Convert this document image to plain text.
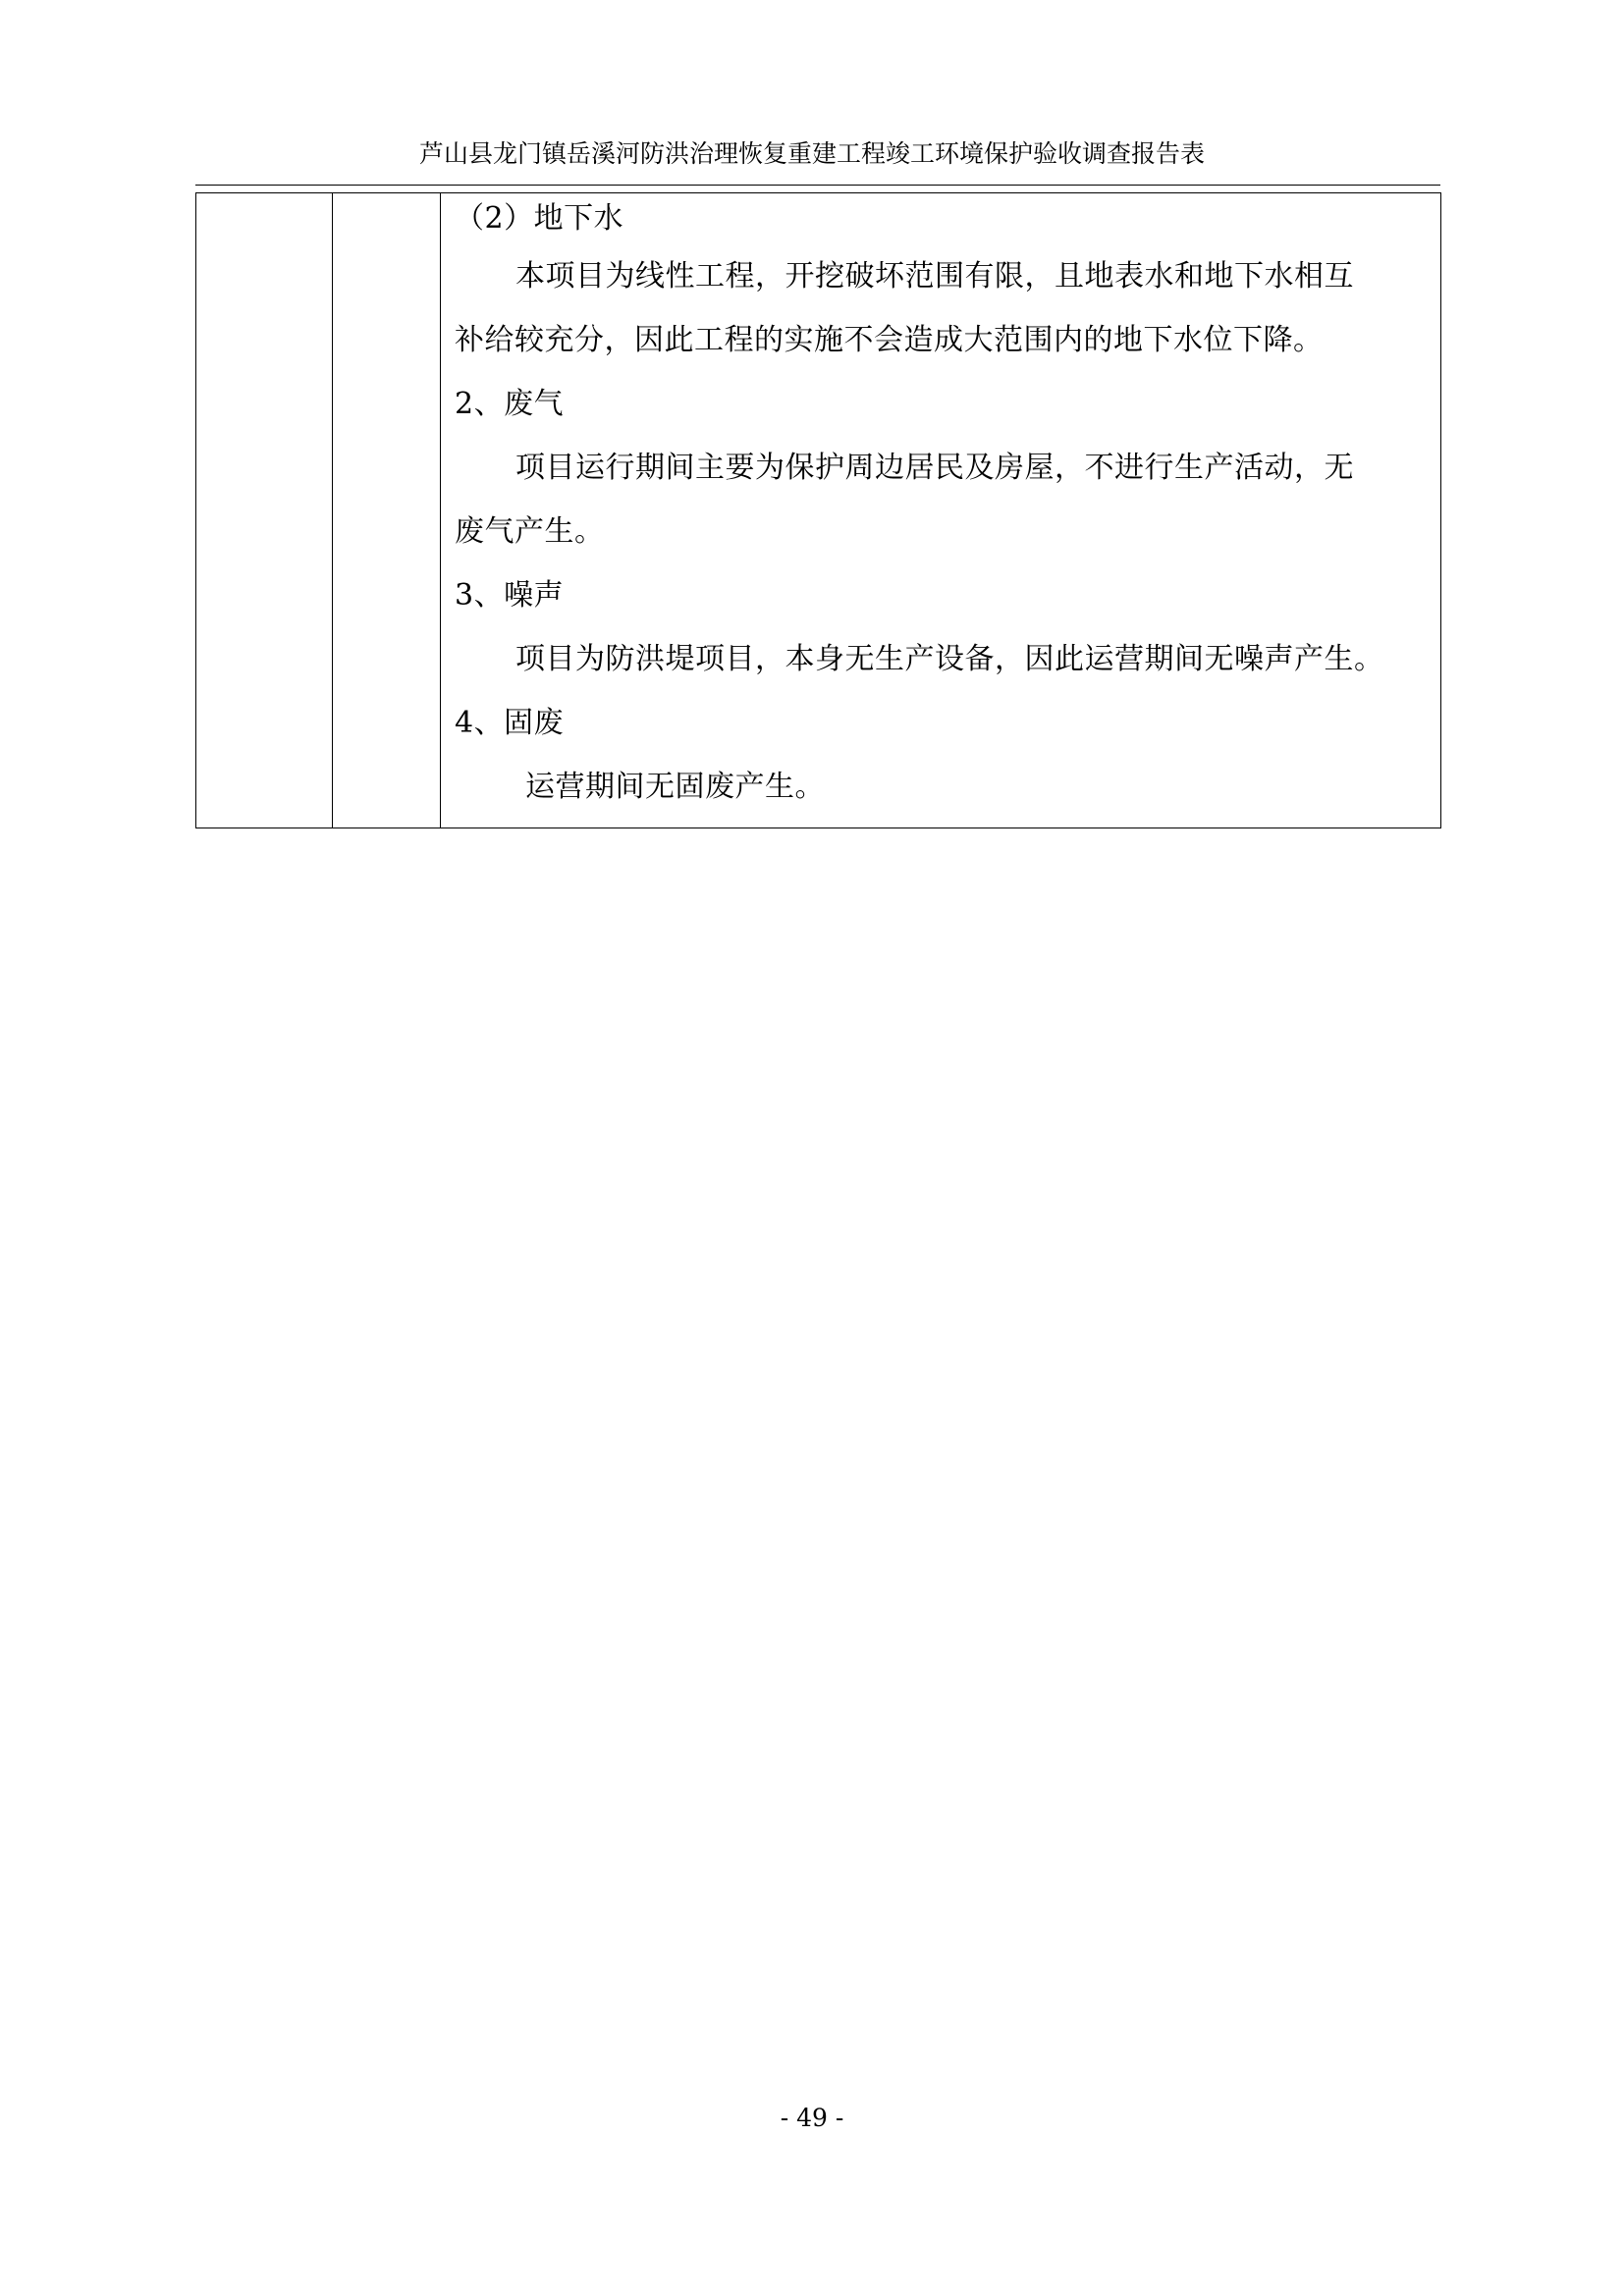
芦山县龙门镇岳溪河防洪治理恢复重建工程竣工环境保护验收调查报告表

（2）地下水
本项目为线性工程，开挖破坏范围有限，且地表水和地下水相互
补给较充分，因此工程的实施不会造成大范围内的地下水位下降。
2、废气
项目运行期间主要为保护周边居民及房屋，不进行生产活动，无
废气产生。
3、噪声
项目为防洪堤项目，本身无生产设备，因此运营期间无噪声产生。
4、固废
运营期间无固废产生。
- 49 -
